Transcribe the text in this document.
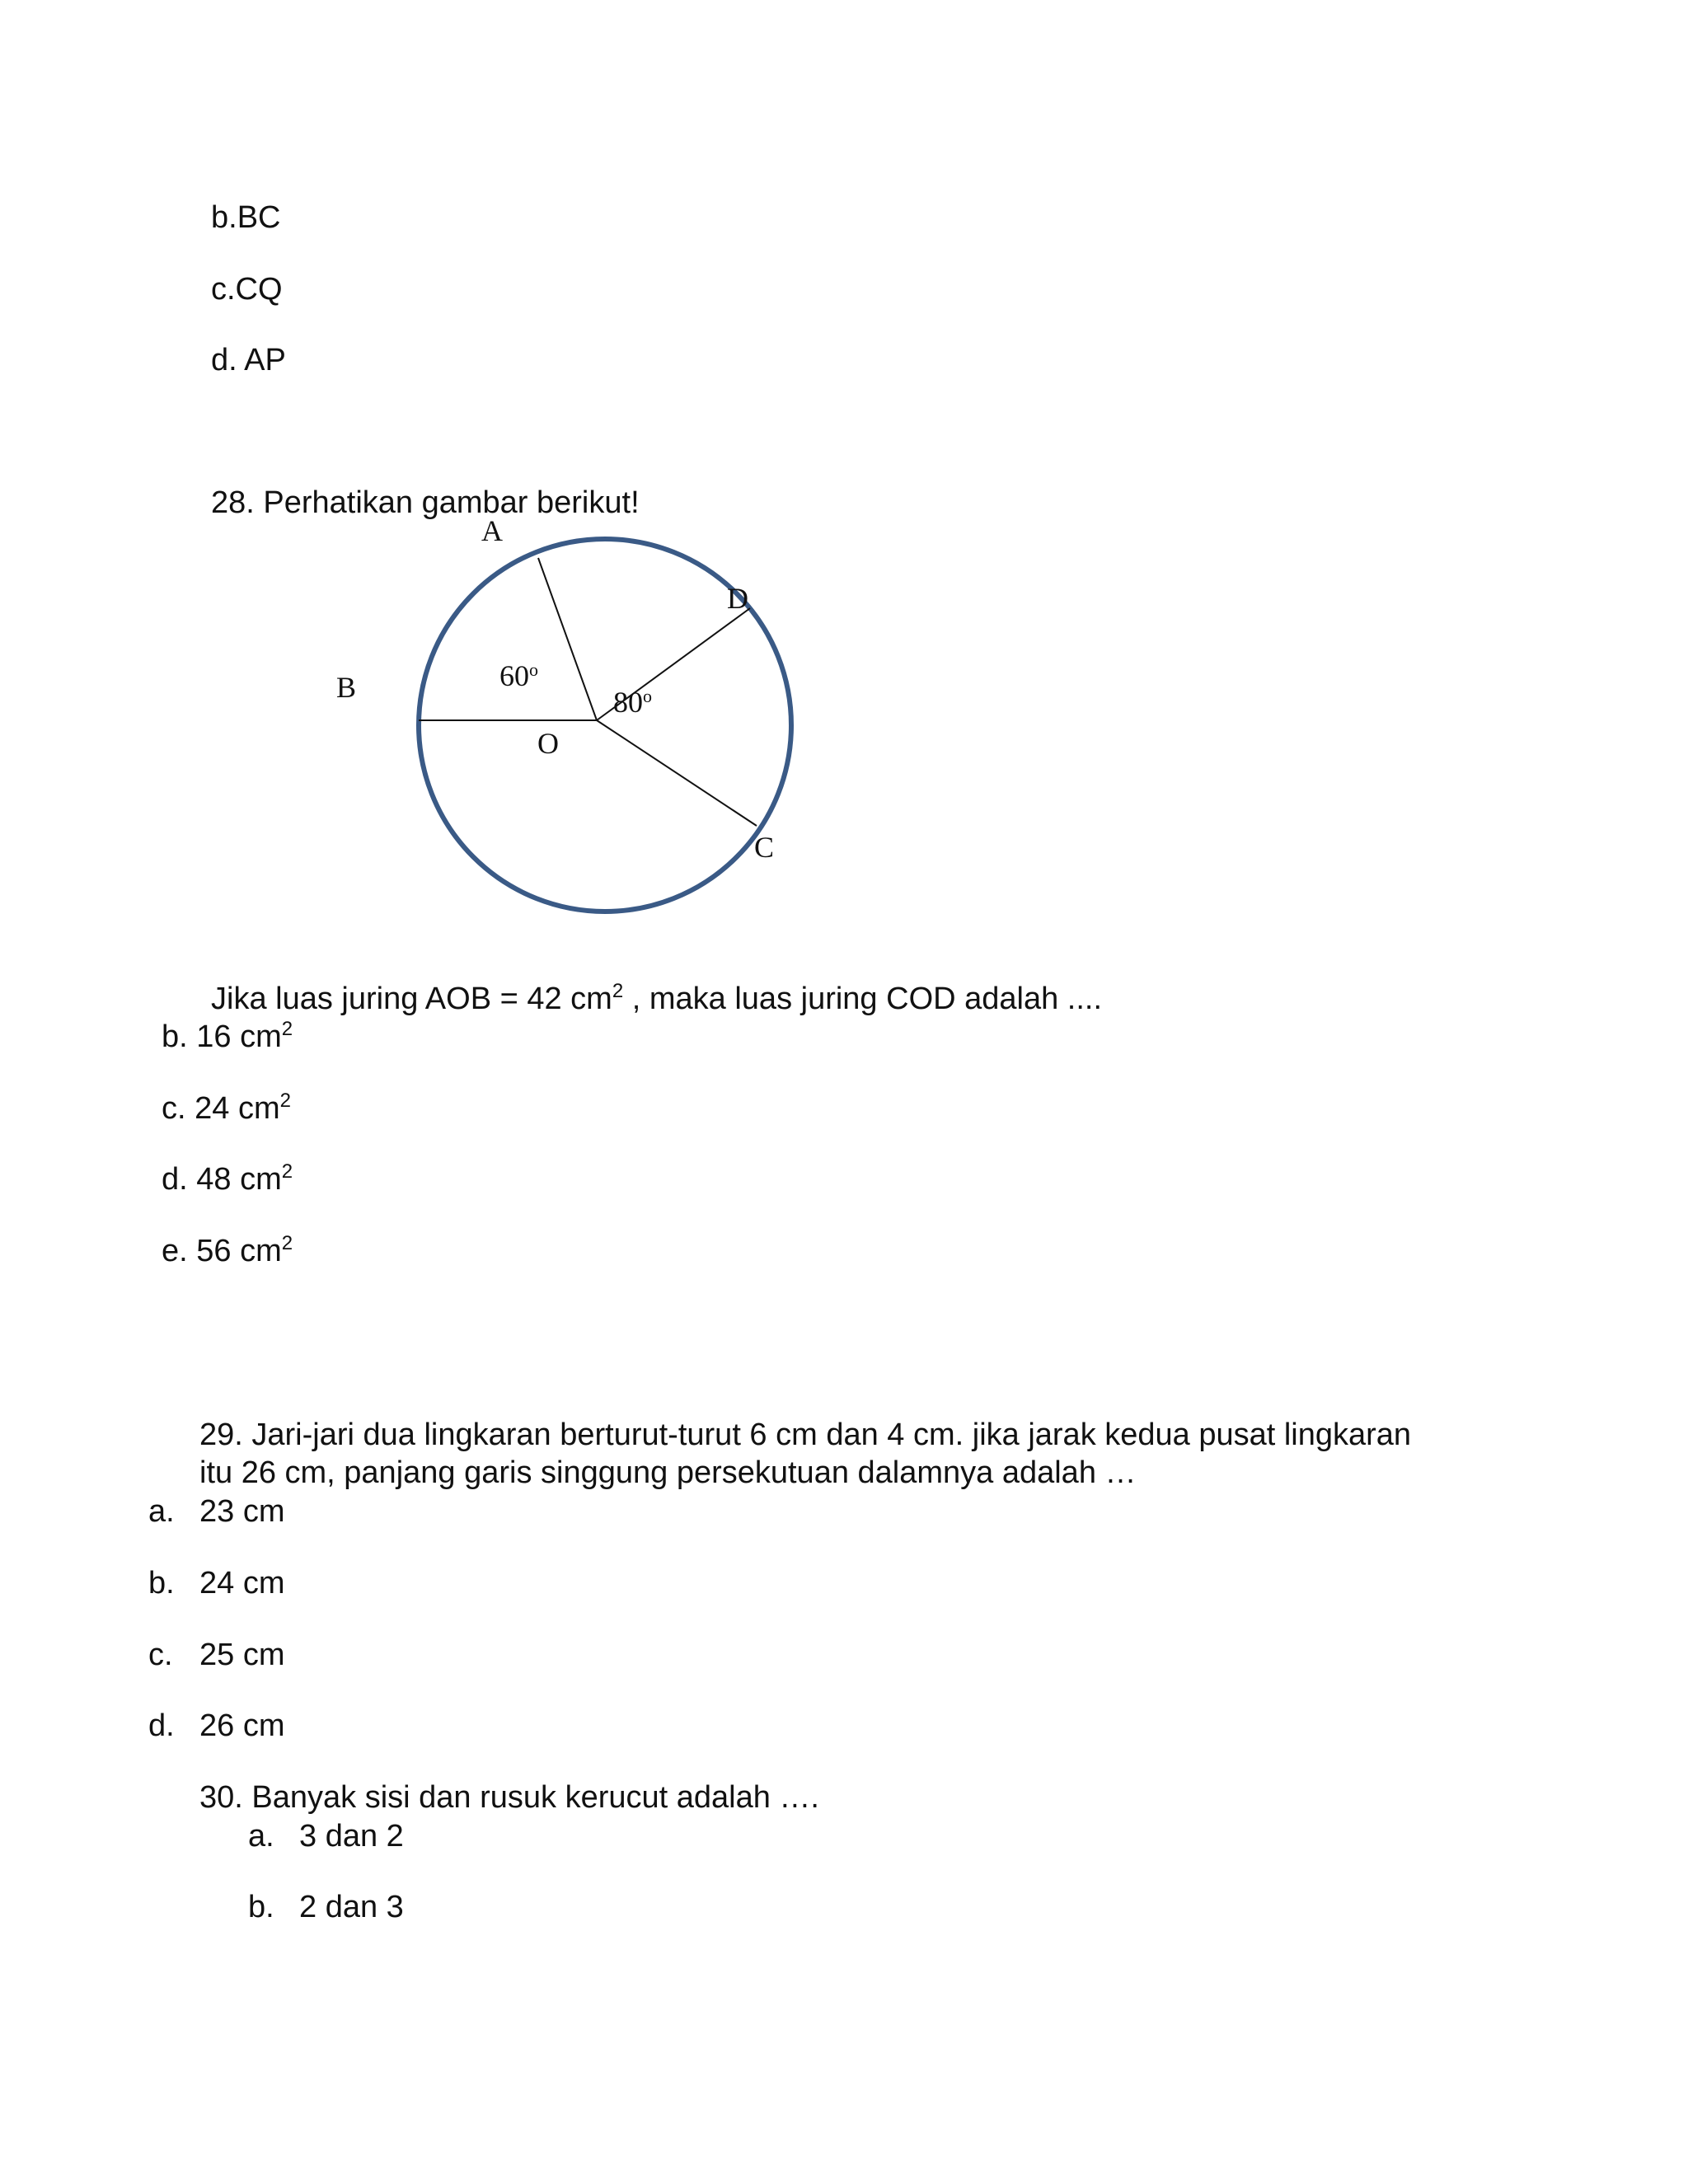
b.BC
c.CQ
d. AP
28. Perhatikan gambar berikut!
A
B
D
O
C
60$^o$
80$^o$
Jika luas juring AOB = 42 $cm^2$ , maka luas juring COD adalah ....
b. 16 $cm^2$
c. 24 $cm^2$
d. 48 $cm^2$
e. 56 $cm^2$
29. Jari-jari dua lingkaran berturut-turut 6 cm dan 4 cm. jika jarak kedua pusat lingkaran
itu 26 cm, panjang garis singgung persekutuan dalamnya adalah …
a. 23 cm
b. 24 cm
c. 25 cm
d. 26 cm
30. Banyak sisi dan rusuk kerucut adalah ….
a. 3 dan 2
b. 2 dan 3
